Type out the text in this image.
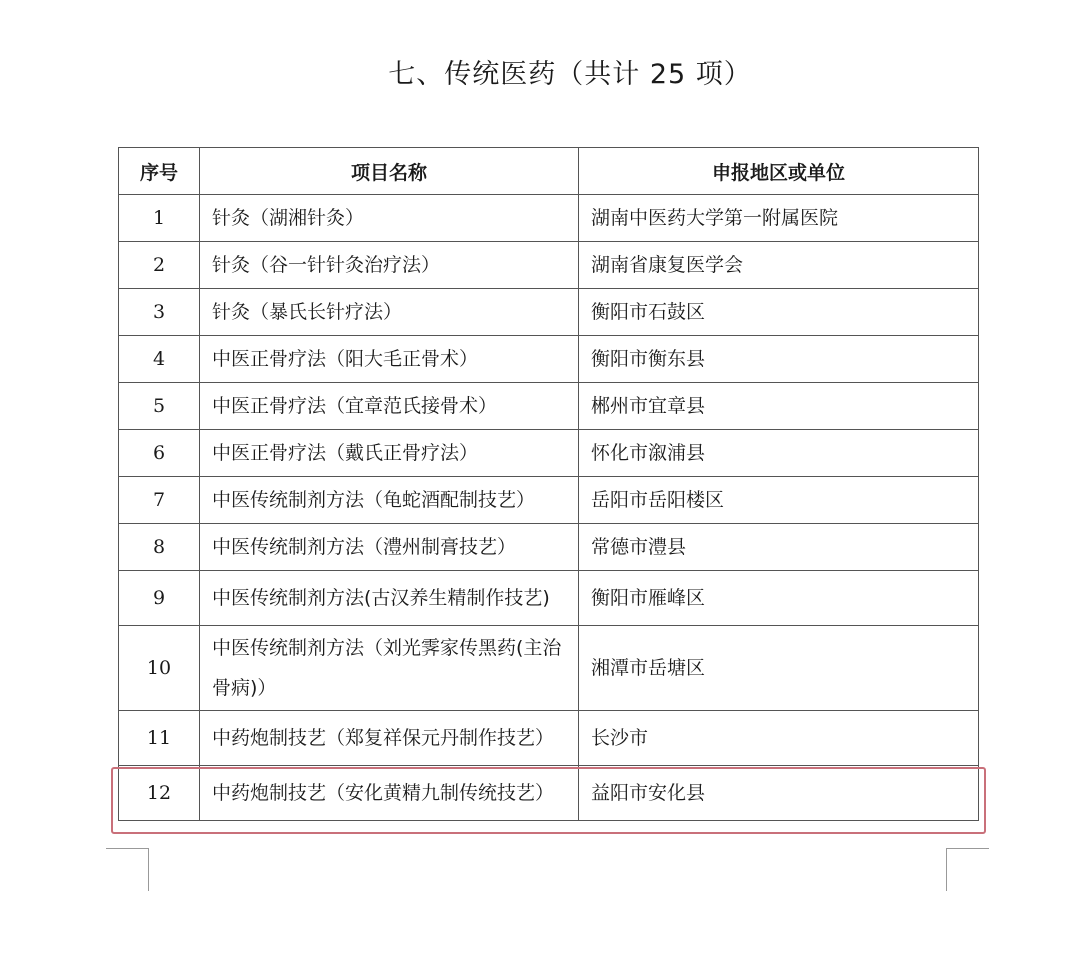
七、传统医药（共计 25 项）
序号	项目名称	申报地区或单位
1	针灸（湖湘针灸）	湖南中医药大学第一附属医院
2	针灸（谷一针针灸治疗法）	湖南省康复医学会
3	针灸（暴氏长针疗法）	衡阳市石鼓区
4	中医正骨疗法（阳大毛正骨术）	衡阳市衡东县
5	中医正骨疗法（宜章范氏接骨术）	郴州市宜章县
6	中医正骨疗法（戴氏正骨疗法）	怀化市溆浦县
7	中医传统制剂方法（龟蛇酒配制技艺）	岳阳市岳阳楼区
8	中医传统制剂方法（澧州制膏技艺）	常德市澧县
9	中医传统制剂方法(古汉养生精制作技艺)	衡阳市雁峰区
10	中医传统制剂方法（刘光霁家传黑药(主治骨病)）	湘潭市岳塘区
11	中药炮制技艺（郑复祥保元丹制作技艺）	长沙市
12	中药炮制技艺（安化黄精九制传统技艺）	益阳市安化县
